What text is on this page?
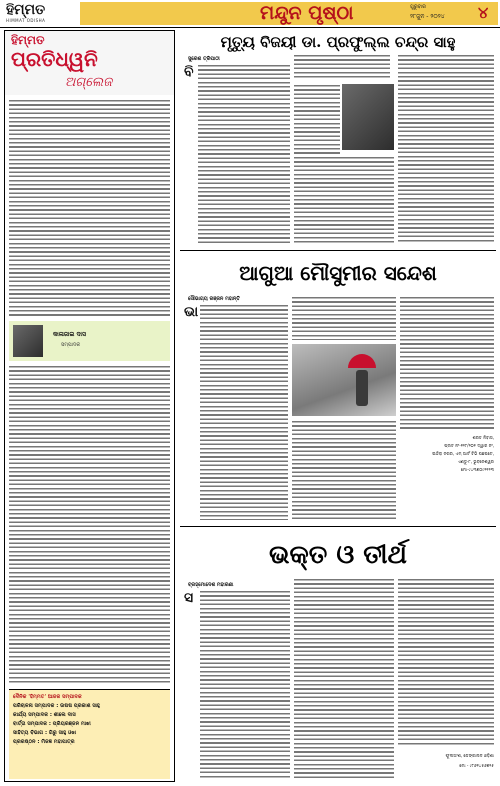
ହିମ୍ମତ
HIMMAT ODISHA	ମନ୍ଦୁନ ପୃଷ୍ଠା	ଗୁରୁବାର
୨୮ଜୁନ - ୨୦୨୪ ୪
ହିମ୍ମତ
ପ୍ରତିଧ୍ୱନି
ଅଗ୍‌ଲେଜ
କାଳାଜାଇ ଦାସ
ସମ୍ପାଦକ
ଦୈନିକ 'ହିମ୍ମତ' ଆଜକ ସମ୍ପାଦକ
ପରିଚାଳନା ସମ୍ପାଦକ : ଉଷଷ ପ୍ରକାଶ ସାହୁ
କାର୍ଯ୍ୟ ସମ୍ପାଦକ : ଶୀଲେ ଦାସ
ବାର୍ତ୍ତା ସମ୍ପାଦକ : ପ୍ରିୟରଞ୍ଜନ ମାଝୀ
ସାହିତ୍ୟ ବିଭାଗ : ଗିରୁ ସାହୁ ଓଝା
ପ୍ରରଷ୍ଠନ : ମିଜଜ୍ଞ ମହାପାତ୍ର
ମୃତ୍ୟୁ ବିଜୟୀ ଡା. ପ୍ରଫୁଲ୍ଲ ଚନ୍ଦ୍ର ସାହୁ
ସୁରେଶ ତ୍ରିପାଠୀ
ବି
ଆଗୁଆ ମୌସୁମୀର ସନ୍ଦେଶ
ସୌଭାଗ୍ୟ ରଞ୍ଜନ ମହାନ୍ତି
ଭା
ଶରତ ନିବାସ,
ପ୍ଲଟ ନଂ-୧୨୮/୨୦୧ ଦ୍ୱାର ନଂ,
ଇନ୍ଦିରା ନଗର, ଏମ୍‌ ଆର୍ଟ ଟିଭି ପଛପଟେ,
ଏଣ୍ଡୁ-୮, ଭୁବନେଶ୍ୱର
ମୋ-୯୪୩୭୦୯୨୧୨୩
ଭକ୍ତ ଓ ତୀର୍ଥ
ବ୍ରହ୍ମୋଦେଶ ମହାରଣା
ସ
ଫୁଲଅଂଶ, ଡେଙ୍କାନାଳ ଓଡ଼ିଶା
ମୋ - ୯୮୬୧୪୫୬୭୨୫
